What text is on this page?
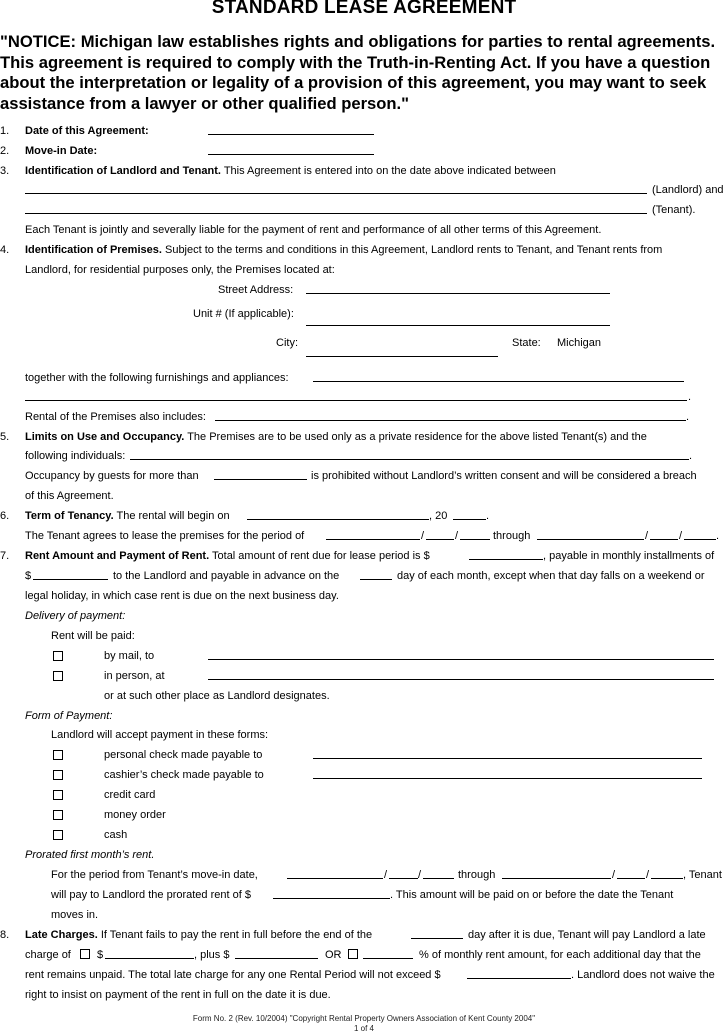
STANDARD LEASE AGREEMENT
"NOTICE: Michigan law establishes rights and obligations for parties to rental agreements. This agreement is required to comply with the Truth-in-Renting Act. If you have a question about the interpretation or legality of a provision of this agreement, you may want to seek assistance from a lawyer or other qualified person."
1. Date of this Agreement:
2. Move-in Date:
3. Identification of Landlord and Tenant. This Agreement is entered into on the date above indicated between
(Landlord) and
(Tenant).
Each Tenant is jointly and severally liable for the payment of rent and performance of all other terms of this Agreement.
4. Identification of Premises. Subject to the terms and conditions in this Agreement, Landlord rents to Tenant, and Tenant rents from
Landlord, for residential purposes only, the Premises located at:
Street Address:
Unit # (If applicable):
City:	State: Michigan
together with the following furnishings and appliances:
.
Rental of the Premises also includes:	.
5. Limits on Use and Occupancy. The Premises are to be used only as a private residence for the above listed Tenant(s) and the
following individuals:	.
Occupancy by guests for more than	is prohibited without Landlord’s written consent and will be considered a breach
of this Agreement.
6. Term of Tenancy. The rental will begin on	, 20	.
The Tenant agrees to lease the premises for the period of	/	/	through	/	/	.
7. Rent Amount and Payment of Rent. Total amount of rent due for lease period is $	, payable in monthly installments of
$	to the Landlord and payable in advance on the	day of each month, except when that day falls on a weekend or
legal holiday, in which case rent is due on the next business day.
Delivery of payment:
Rent will be paid:
by mail, to
in person, at
or at such other place as Landlord designates.
Form of Payment:
Landlord will accept payment in these forms:
personal check made payable to
cashier’s check made payable to
credit card
money order
cash
Prorated first month’s rent.
For the period from Tenant’s move-in date,	/	/	through	/	/	, Tenant
will pay to Landlord the prorated rent of $	. This amount will be paid on or before the date the Tenant
moves in.
8. Late Charges. If Tenant fails to pay the rent in full before the end of the	day after it is due, Tenant will pay Landlord a late
charge of $	, plus $	OR	% of monthly rent amount, for each additional day that the
rent remains unpaid. The total late charge for any one Rental Period will not exceed $	. Landlord does not waive the
right to insist on payment of the rent in full on the date it is due.
Form No. 2 (Rev. 10/2004) "Copyright Rental Property Owners Association of Kent County 2004"
1 of 4
